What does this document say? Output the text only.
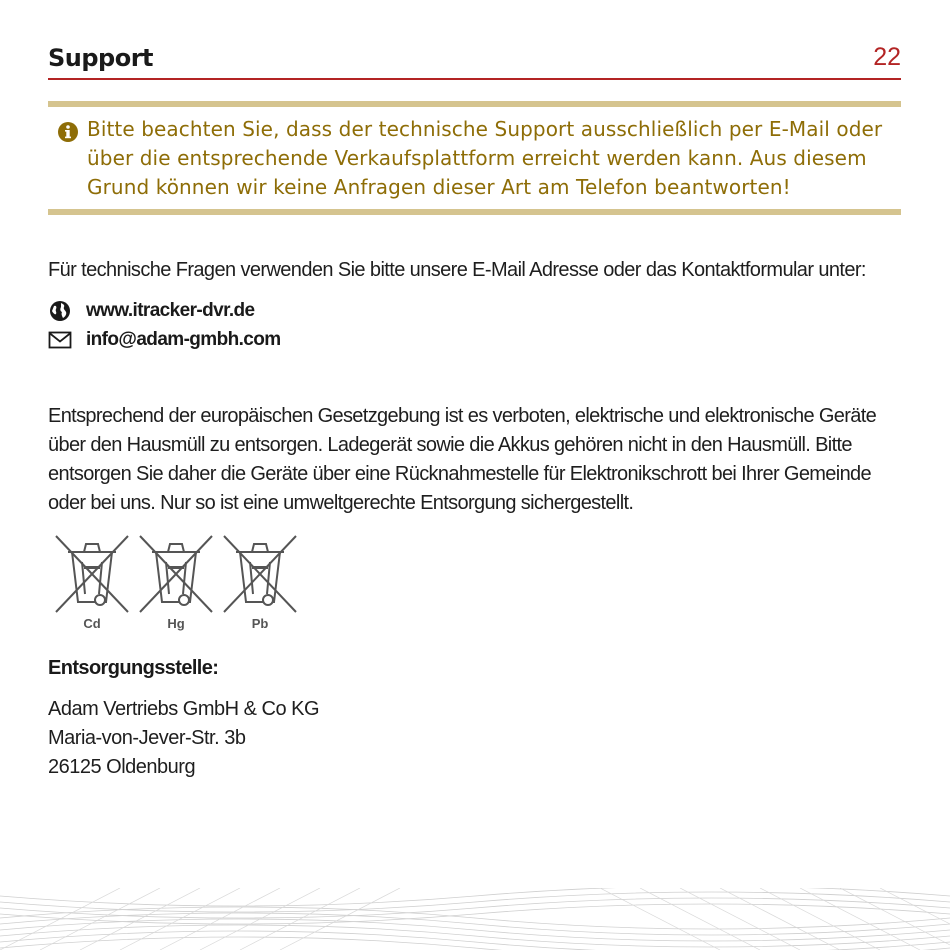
Support	22
Bitte beachten Sie, dass der technische Support ausschließlich per E-Mail oder
über die entsprechende Verkaufsplattform erreicht werden kann. Aus diesem
Grund können wir keine Anfragen dieser Art am Telefon beantworten!
Für technische Fragen verwenden Sie bitte unsere E-Mail Adresse oder das Kontaktformular unter:
www.itracker-dvr.de
info@adam-gmbh.com
Entsprechend der europäischen Gesetzgebung ist es verboten, elektrische und elektronische Geräte
über den Hausmüll zu entsorgen. Ladegerät sowie die Akkus gehören nicht in den Hausmüll. Bitte
entsorgen Sie daher die Geräte über eine Rücknahmestelle für Elektronikschrott bei Ihrer Gemeinde
oder bei uns. Nur so ist eine umweltgerechte Entsorgung sichergestellt.
Cd	Hg	Pb
Entsorgungsstelle:
Adam Vertriebs GmbH & Co KG
Maria-von-Jever-Str. 3b
26125 Oldenburg
